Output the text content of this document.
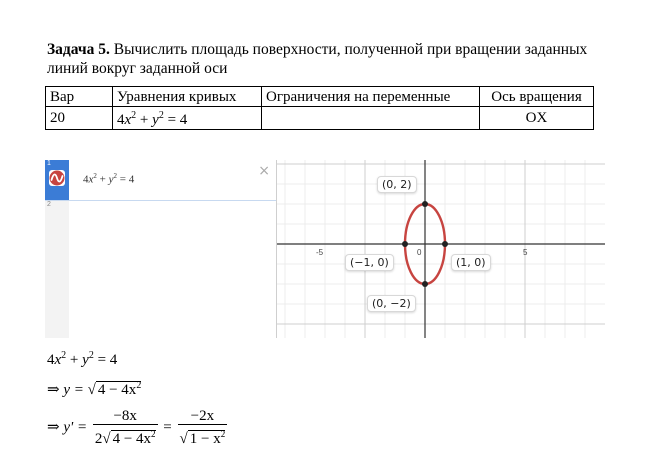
Задача 5. Вычислить площадь поверхности, полученной при вращении заданных линий вокруг заданной оси
Вар	Уравнения кривых	Ограничения на переменные	Ось вращения
20	$4x^2 + y^2 = 4$		OX
1
$4x^2 + y^2 = 4$
×
2
-5	0	5
(0, 2)
(−1, 0)	(1, 0)
(0, −2)
$4x^2 + y^2 = 4$
⇒ y = √ $4 - 4x^2$
⇒ $y' = \frac{-8x}{2√ 4 - 4x^2} = \frac{-2x}{√ 1 - x^2}$
